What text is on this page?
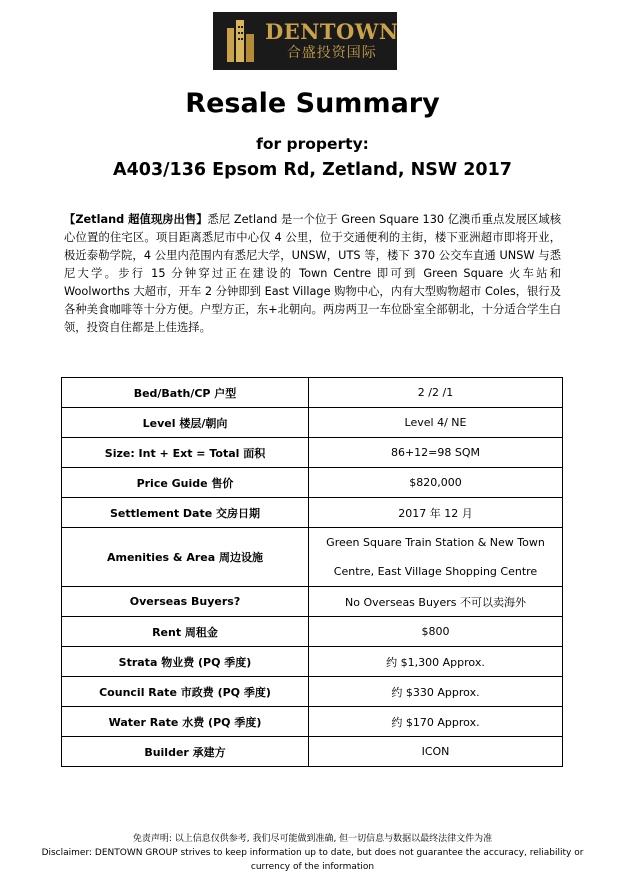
DENTOWN
合盛投资国际
Resale Summary
for property:
A403/136 Epsom Rd, Zetland, NSW 2017
【Zetland 超值现房出售】悉尼 Zetland 是一个位于 Green Square 130 亿澳币重点发展区域核心位置的住宅区。项目距离悉尼市中心仅 4 公里，位于交通便利的主街，楼下亚洲超市即将开业，极近泰勒学院，4 公里内范围内有悉尼大学，UNSW，UTS 等，楼下 370 公交车直通 UNSW 与悉尼大学。步行 15 分钟穿过正在建设的 Town Centre 即可到 Green Square 火车站和 Woolworths 大超市，开车 2 分钟即到 East Village 购物中心，内有大型购物超市 Coles，银行及各种美食咖啡等十分方便。户型方正，东+北朝向。两房两卫一车位卧室全部朝北，十分适合学生白领，投资自住都是上佳选择。
Bed/Bath/CP 户型	2 /2 /1
Level 楼层/朝向	Level 4/ NE
Size: Int + Ext = Total 面积	86+12=98 SQM
Price Guide 售价	$820,000
Settlement Date 交房日期	2017 年 12 月
Amenities & Area 周边设施	Green Square Train Station & New Town
Centre, East Village Shopping Centre

Overseas Buyers?	No Overseas Buyers 不可以卖海外
Rent 周租金	$800
Strata 物业费 (PQ 季度)	约 $1,300 Approx.
Council Rate 市政费 (PQ 季度)	约 $330 Approx.
Water Rate 水费 (PQ 季度)	约 $170 Approx.
Builder 承建方	ICON
免责声明: 以上信息仅供参考, 我们尽可能做到准确, 但一切信息与数据以最终法律文件为准
Disclaimer: DENTOWN GROUP strives to keep information up to date, but does not guarantee the accuracy, reliability or
currency of the information
